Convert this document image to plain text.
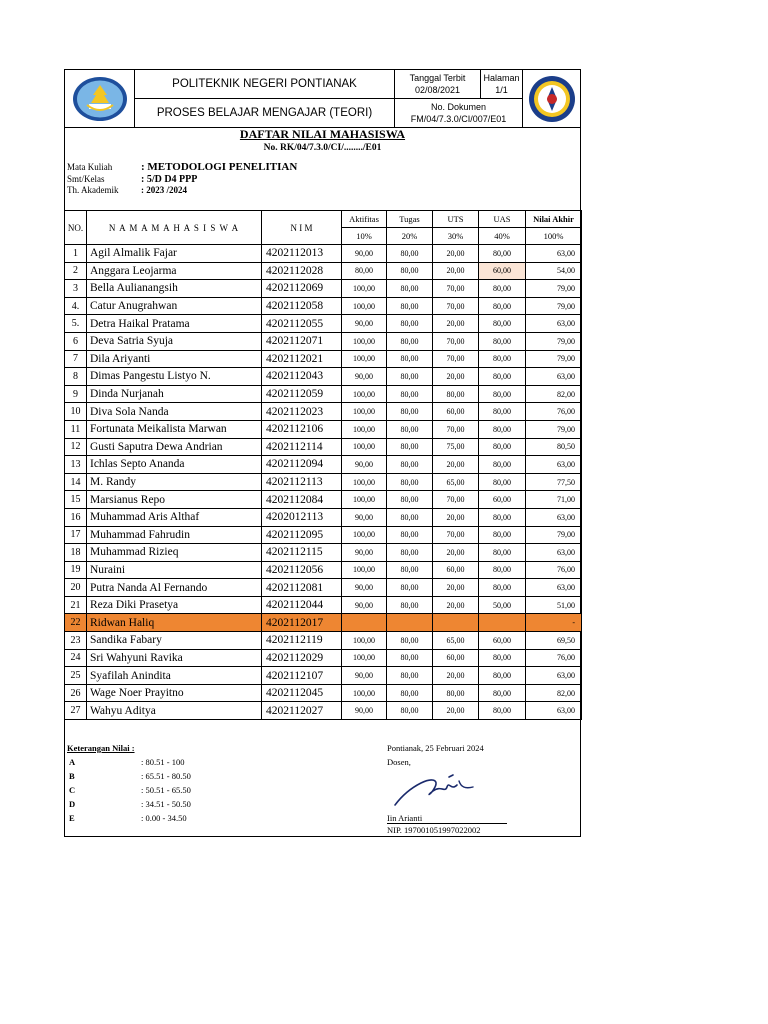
POLITEKNIK NEGERI PONTIANAK
PROSES BELAJAR MENGAJAR (TEORI)
Tanggal Terbit
02/08/2021
Halaman
1/1
No. Dokumen
FM/04/7.3.0/CI/007/E01
DAFTAR NILAI MAHASISWA
No. RK/04/7.3.0/CI/......../E01
Mata Kuliah	: METODOLOGI PENELITIAN
Smt/Kelas	: 5/D D4 PPP
Th. Akademik	: 2023 /2024
NO.	N A M A M A H A S I S W A	N I M	Aktifitas	Tugas	UTS	UAS	Nilai Akhir
			10%	20%	30%	40%	100%
1	Agil Almalik Fajar	4202112013	90,00	80,00	20,00	80,00	63,00
2	Anggara Leojarma	4202112028	80,00	80,00	20,00	60,00	54,00
3	Bella Aulianangsih	4202112069	100,00	80,00	70,00	80,00	79,00
4.	Catur Anugrahwan	4202112058	100,00	80,00	70,00	80,00	79,00
5.	Detra Haikal Pratama	4202112055	90,00	80,00	20,00	80,00	63,00
6	Deva Satria Syuja	4202112071	100,00	80,00	70,00	80,00	79,00
7	Dila Ariyanti	4202112021	100,00	80,00	70,00	80,00	79,00
8	Dimas Pangestu Listyo N.	4202112043	90,00	80,00	20,00	80,00	63,00
9	Dinda Nurjanah	4202112059	100,00	80,00	80,00	80,00	82,00
10	Diva Sola Nanda	4202112023	100,00	80,00	60,00	80,00	76,00
11	Fortunata Meikalista Marwan	4202112106	100,00	80,00	70,00	80,00	79,00
12	Gusti Saputra Dewa Andrian	4202112114	100,00	80,00	75,00	80,00	80,50
13	Ichlas Septo Ananda	4202112094	90,00	80,00	20,00	80,00	63,00
14	M. Randy	4202112113	100,00	80,00	65,00	80,00	77,50
15	Marsianus Repo	4202112084	100,00	80,00	70,00	60,00	71,00
16	Muhammad Aris Althaf	4202012113	90,00	80,00	20,00	80,00	63,00
17	Muhammad Fahrudin	4202112095	100,00	80,00	70,00	80,00	79,00
18	Muhammad Rizieq	4202112115	90,00	80,00	20,00	80,00	63,00
19	Nuraini	4202112056	100,00	80,00	60,00	80,00	76,00
20	Putra Nanda Al Fernando	4202112081	90,00	80,00	20,00	80,00	63,00
21	Reza Diki Prasetya	4202112044	90,00	80,00	20,00	50,00	51,00
22	Ridwan Haliq	4202112017					-
23	Sandika Fabary	4202112119	100,00	80,00	65,00	60,00	69,50
24	Sri Wahyuni Ravika	4202112029	100,00	80,00	60,00	80,00	76,00
25	Syafilah Anindita	4202112107	90,00	80,00	20,00	80,00	63,00
26	Wage Noer Prayitno	4202112045	100,00	80,00	80,00	80,00	82,00
27	Wahyu Aditya	4202112027	90,00	80,00	20,00	80,00	63,00
Keterangan Nilai :
A	: 80.51 - 100
B	: 65.51 - 80.50
C	: 50.51 - 65.50
D	: 34.51 - 50.50
E	: 0.00 - 34.50
Pontianak, 25 Februari 2024
Dosen,
Iin Arianti
NIP. 197001051997022002
